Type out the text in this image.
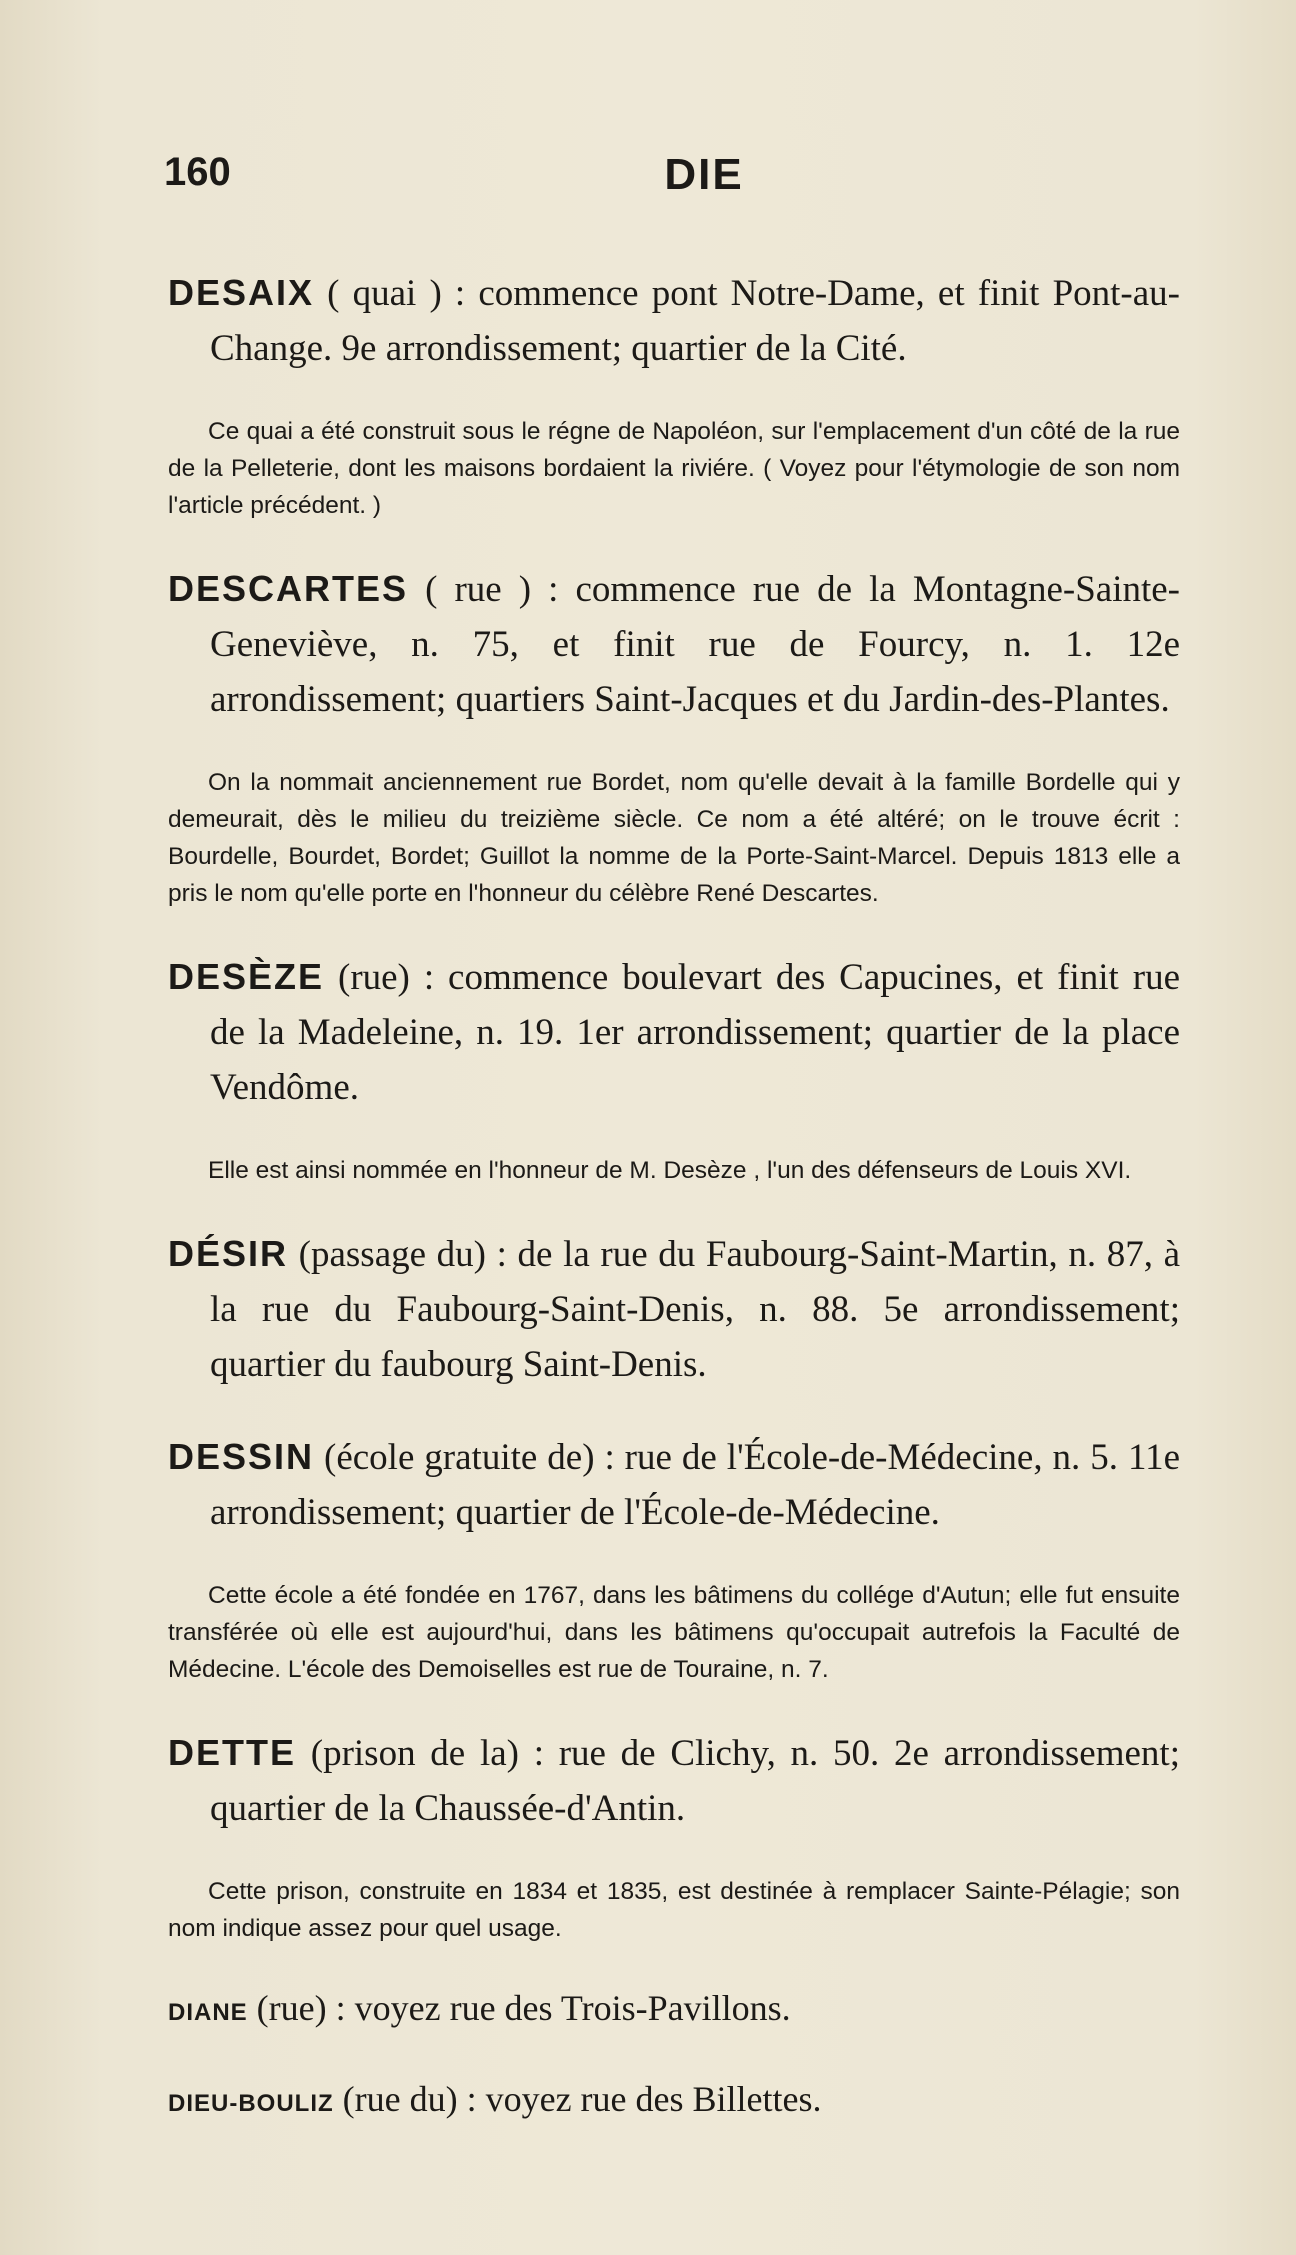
160	DIE

DESAIX ( quai ) : commence pont Notre-Dame, et finit Pont-au-Change. 9e arrondissement; quartier de la Cité.

Ce quai a été construit sous le régne de Napoléon, sur l'emplacement d'un côté de la rue de la Pelleterie, dont les maisons bordaient la riviére. ( Voyez pour l'étymologie de son nom l'article précédent. )

DESCARTES ( rue ) : commence rue de la Montagne-Sainte-Geneviève, n. 75, et finit rue de Fourcy, n. 1. 12e arrondissement; quartiers Saint-Jacques et du Jardin-des-Plantes.

On la nommait anciennement rue Bordet, nom qu'elle devait à la famille Bordelle qui y demeurait, dès le milieu du treizième siècle. Ce nom a été altéré; on le trouve écrit : Bourdelle, Bourdet, Bordet; Guillot la nomme de la Porte-Saint-Marcel. Depuis 1813 elle a pris le nom qu'elle porte en l'honneur du célèbre René Descartes.

DESÈZE (rue) : commence boulevart des Capucines, et finit rue de la Madeleine, n. 19. 1er arrondissement; quartier de la place Vendôme.

Elle est ainsi nommée en l'honneur de M. Desèze , l'un des défenseurs de Louis XVI.

DÉSIR (passage du) : de la rue du Faubourg-Saint-Martin, n. 87, à la rue du Faubourg-Saint-Denis, n. 88. 5e arrondissement; quartier du faubourg Saint-Denis.

DESSIN (école gratuite de) : rue de l'École-de-Médecine, n. 5. 11e arrondissement; quartier de l'École-de-Médecine.

Cette école a été fondée en 1767, dans les bâtimens du collége d'Autun; elle fut ensuite transférée où elle est aujourd'hui, dans les bâtimens qu'occupait autrefois la Faculté de Médecine. L'école des Demoiselles est rue de Touraine, n. 7.

DETTE (prison de la) : rue de Clichy, n. 50. 2e arrondissement; quartier de la Chaussée-d'Antin.

Cette prison, construite en 1834 et 1835, est destinée à remplacer Sainte-Pélagie; son nom indique assez pour quel usage.

DIANE (rue) : voyez rue des Trois-Pavillons.

DIEU-BOULIZ (rue du) : voyez rue des Billettes.
